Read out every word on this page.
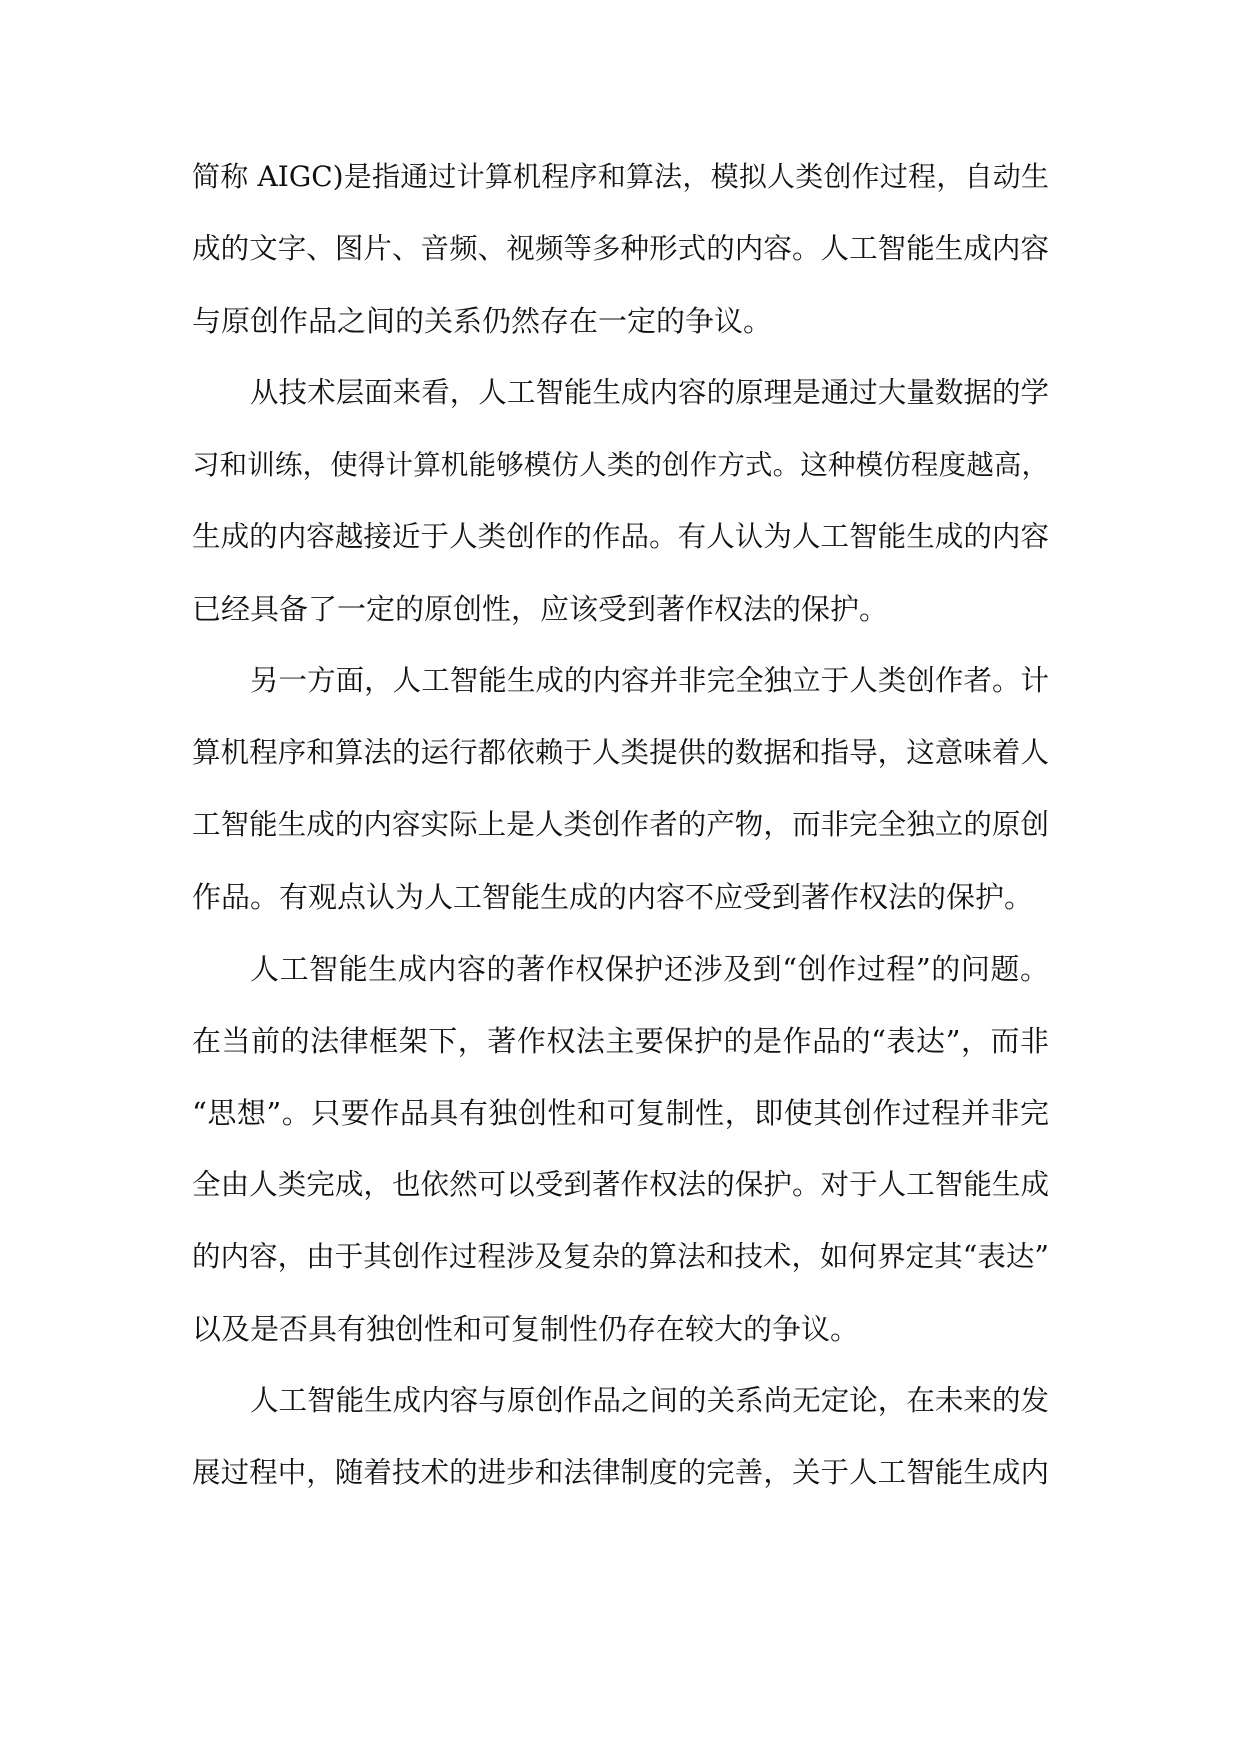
简称 AIGC)是指通过计算机程序和算法，模拟人类创作过程，自动生
成的文字、图片、音频、视频等多种形式的内容。人工智能生成内容
与原创作品之间的关系仍然存在一定的争议。
从技术层面来看，人工智能生成内容的原理是通过大量数据的学
习和训练，使得计算机能够模仿人类的创作方式。这种模仿程度越高，
生成的内容越接近于人类创作的作品。有人认为人工智能生成的内容
已经具备了一定的原创性，应该受到著作权法的保护。
另一方面，人工智能生成的内容并非完全独立于人类创作者。计
算机程序和算法的运行都依赖于人类提供的数据和指导，这意味着人
工智能生成的内容实际上是人类创作者的产物，而非完全独立的原创
作品。有观点认为人工智能生成的内容不应受到著作权法的保护。
人工智能生成内容的著作权保护还涉及到“创作过程”的问题。
在当前的法律框架下，著作权法主要保护的是作品的“表达”，而非
“思想”。只要作品具有独创性和可复制性，即使其创作过程并非完
全由人类完成，也依然可以受到著作权法的保护。对于人工智能生成
的内容，由于其创作过程涉及复杂的算法和技术，如何界定其“表达”
以及是否具有独创性和可复制性仍存在较大的争议。
人工智能生成内容与原创作品之间的关系尚无定论，在未来的发
展过程中，随着技术的进步和法律制度的完善，关于人工智能生成内
